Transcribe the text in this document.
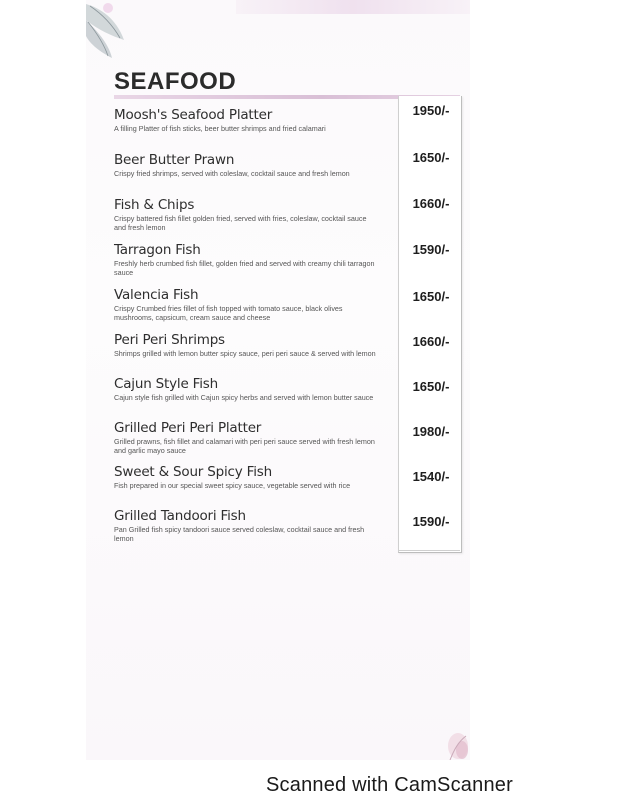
SEAFOOD
Moosh's Seafood Platter
A filling Platter of fish sticks, beer butter shrimps and fried calamari
1950/-
Beer Butter Prawn
Crispy fried shrimps, served with coleslaw, cocktail sauce and fresh lemon
1650/-
Fish & Chips
Crispy battered fish fillet golden fried, served with fries, coleslaw, cocktail sauce and fresh lemon
1660/-
Tarragon Fish
Freshly herb crumbed fish fillet, golden fried and served with creamy chili tarragon sauce
1590/-
Valencia Fish
Crispy Crumbed fries fillet of fish topped with tomato sauce, black olives mushrooms, capsicum, cream sauce and cheese
1650/-
Peri Peri Shrimps
Shrimps grilled with lemon butter spicy sauce, peri peri sauce & served with lemon
1660/-
Cajun Style Fish
Cajun style fish grilled with Cajun spicy herbs and served with lemon butter sauce
1650/-
Grilled Peri Peri Platter
Grilled prawns, fish fillet and calamari with peri peri sauce served with fresh lemon and garlic mayo sauce
1980/-
Sweet & Sour Spicy Fish
Fish prepared in our special sweet spicy sauce, vegetable served with rice
1540/-
Grilled Tandoori Fish
Pan Grilled fish spicy tandoori sauce served coleslaw, cocktail sauce and fresh lemon
1590/-
Scanned with CamScanner
